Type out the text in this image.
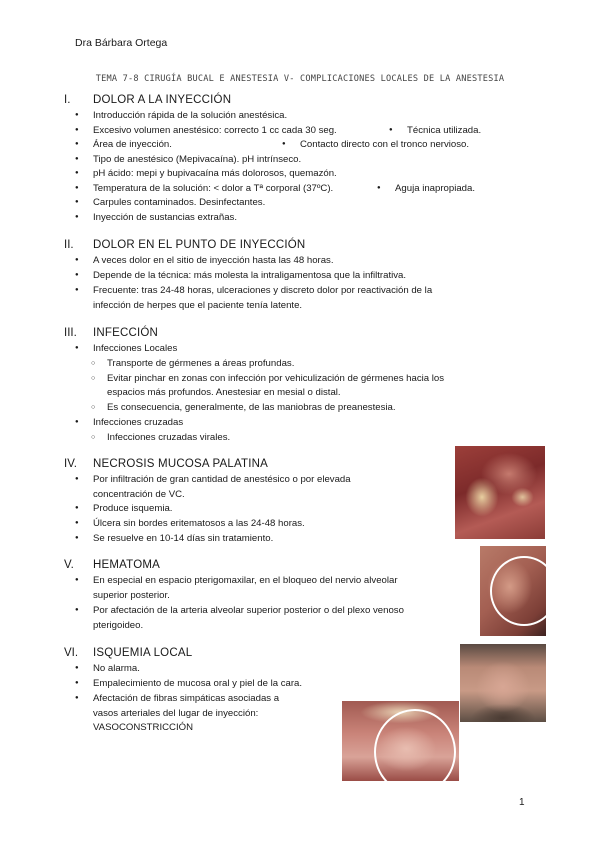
Dra Bárbara Ortega
TEMA 7-8 CIRUGÍA BUCAL E ANESTESIA V- COMPLICACIONES LOCALES DE LA ANESTESIA
I.	DOLOR A LA INYECCIÓN
● Introducción rápida de la solución anestésica.
● Excesivo volumen anestésico: correcto 1 cc cada 30 seg.	● Técnica utilizada.
● Área de inyección.	● Contacto directo con el tronco nervioso.
● Tipo de anestésico (Mepivacaína). pH intrínseco.
● pH ácido: mepi y bupivacaína más dolorosos, quemazón.
● Temperatura de la solución: < dolor a Tª corporal (37ºC).	● Aguja inapropiada.
● Carpules contaminados. Desinfectantes.
● Inyección de sustancias extrañas.
II.	DOLOR EN EL PUNTO DE INYECCIÓN
● A veces dolor en el sitio de inyección hasta las 48 horas.
● Depende de la técnica: más molesta la intraligamentosa que la infiltrativa.
● Frecuente: tras 24-48 horas, ulceraciones y discreto dolor por reactivación de la
infección de herpes que el paciente tenía latente.
III.	INFECCIÓN
● Infecciones Locales
○ Transporte de gérmenes a áreas profundas.
○ Evitar pinchar en zonas con infección por vehiculización de gérmenes hacia los
espacios más profundos. Anestesiar en mesial o distal.
○ Es consecuencia, generalmente, de las maniobras de preanestesia.
● Infecciones cruzadas
○ Infecciones cruzadas virales.
IV.	NECROSIS MUCOSA PALATINA
● Por infiltración de gran cantidad de anestésico o por elevada
concentración de VC.
● Produce isquemia.
● Úlcera sin bordes eritematosos a las 24-48 horas.
● Se resuelve en 10-14 días sin tratamiento.
V.	HEMATOMA
● En especial en espacio pterigomaxilar, en el bloqueo del nervio alveolar
superior posterior.
● Por afectación de la arteria alveolar superior posterior o del plexo venoso
pterigoideo.
VI.	ISQUEMIA LOCAL
● No alarma.
● Empalecimiento de mucosa oral y piel de la cara.
● Afectación de fibras simpáticas asociadas a
vasos arteriales del lugar de inyección:
VASOCONSTRICCIÓN
1
